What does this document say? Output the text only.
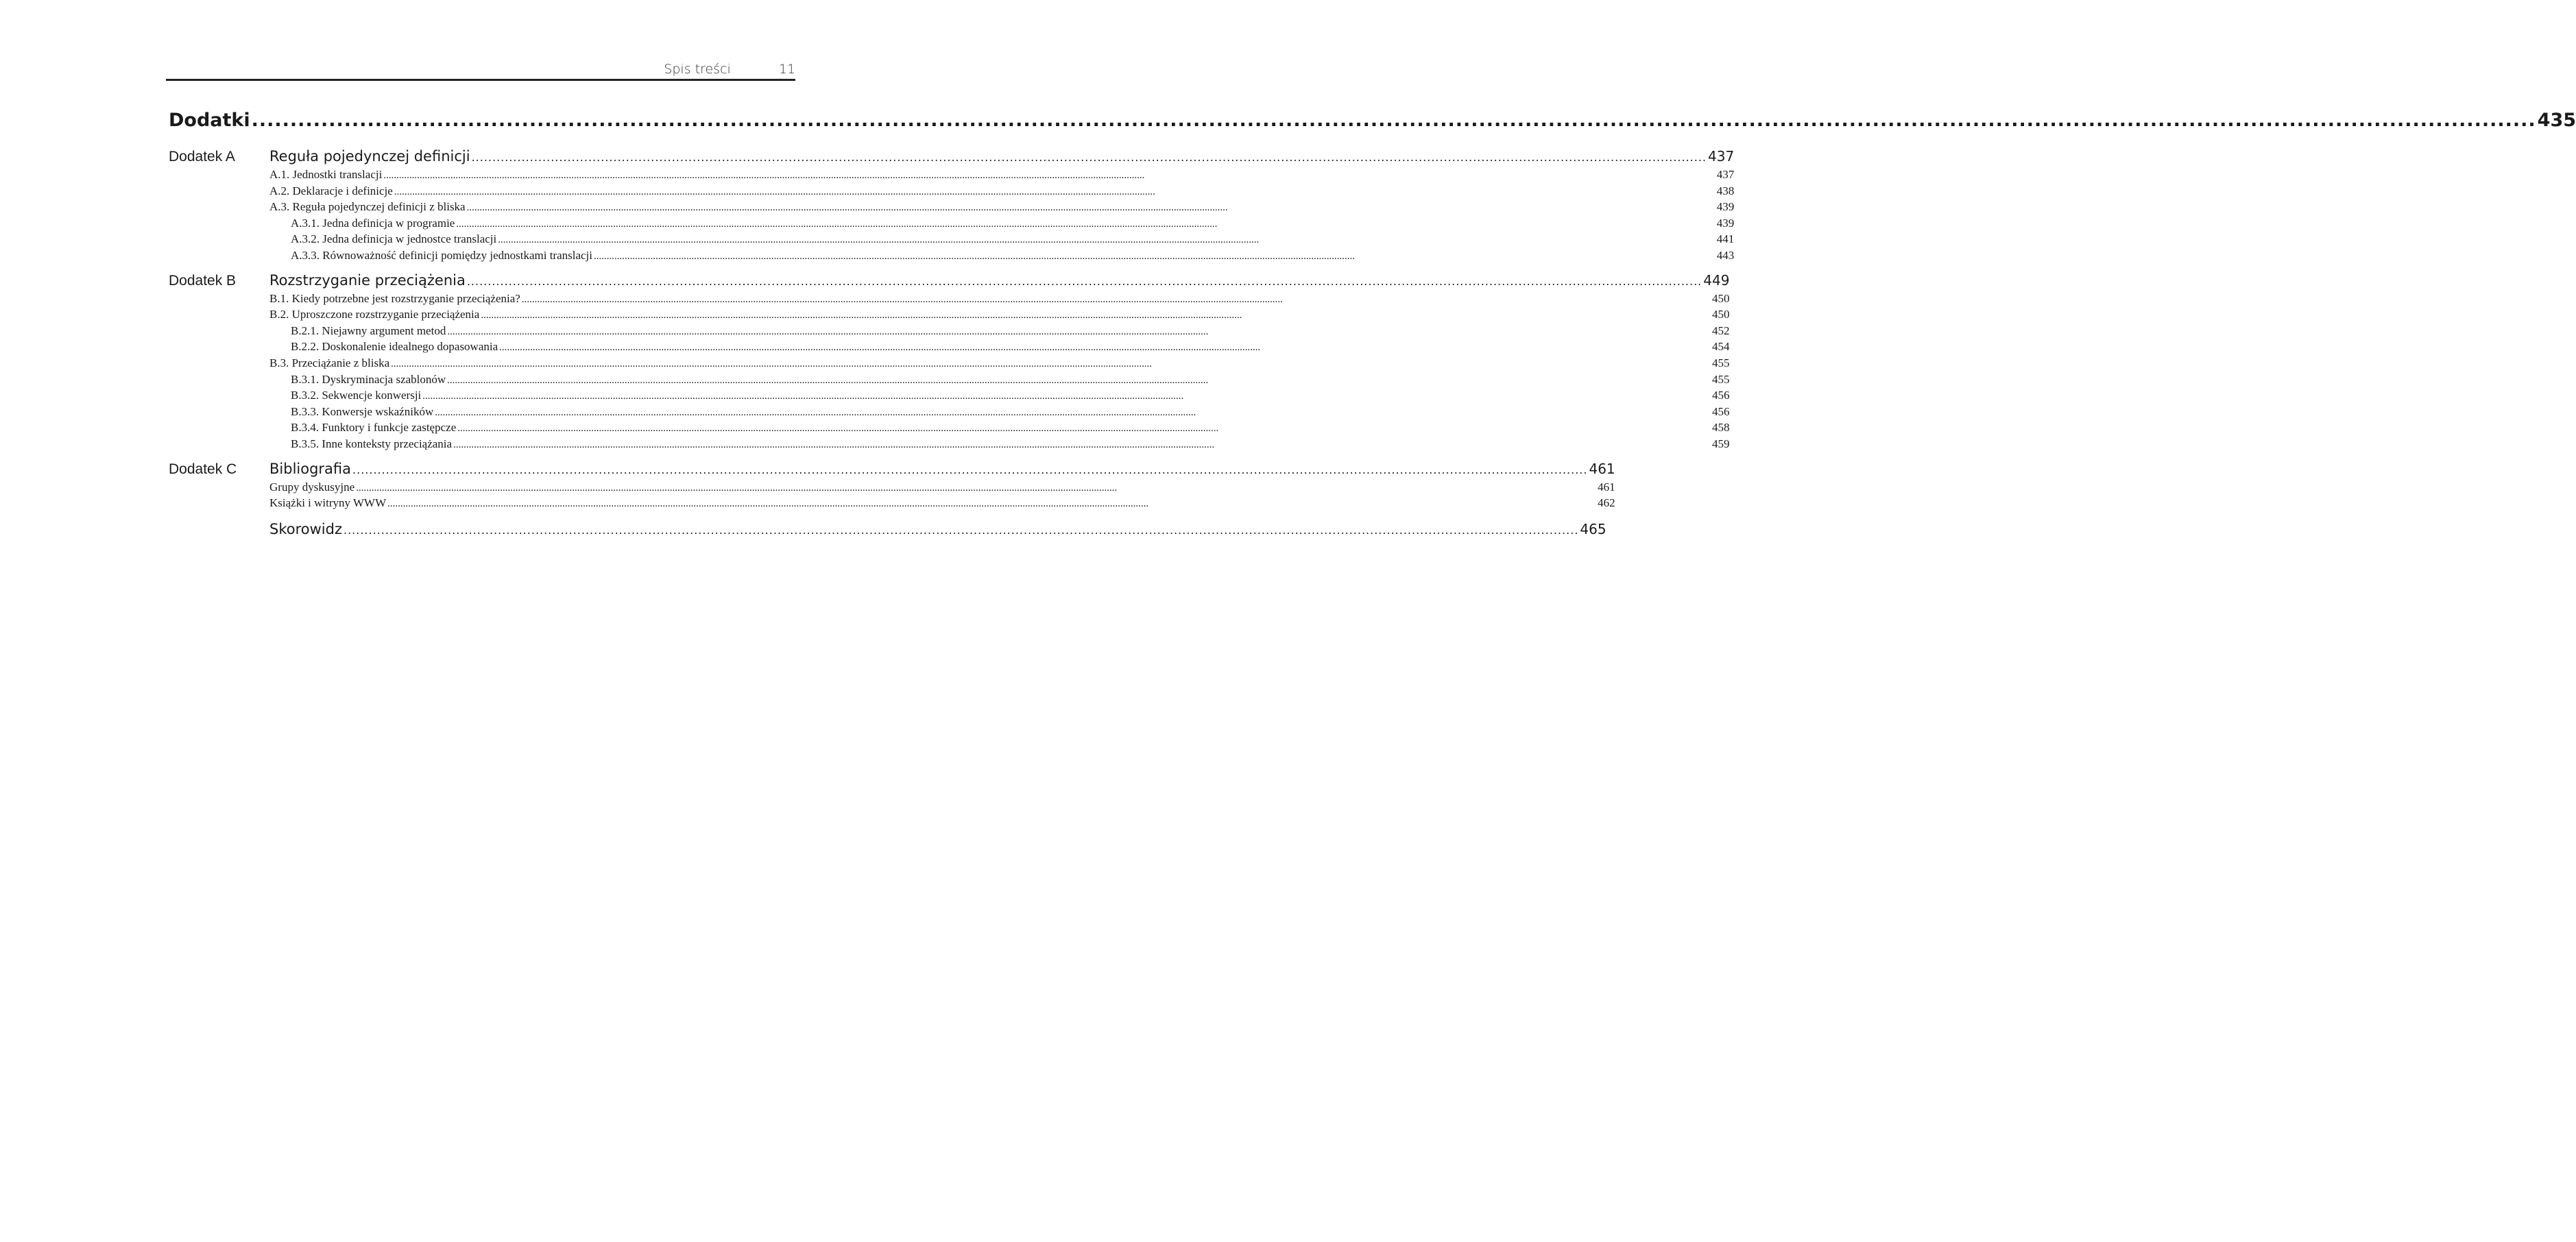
Spis treści	11
Dodatki .....	435
Dodatek A	Reguła pojedynczej definicji .....	437
A.1. Jednostki translacji .....	437
A.2. Deklaracje i definicje .....	438
A.3. Reguła pojedynczej definicji z bliska .....	439
A.3.1. Jedna definicja w programie .....	439
A.3.2. Jedna definicja w jednostce translacji .....	441
A.3.3. Równoważność definicji pomiędzy jednostkami translacji .....	443
Dodatek B	Rozstrzyganie przeciążenia .....	449
B.1. Kiedy potrzebne jest rozstrzyganie przeciążenia? .....	450
B.2. Uproszczone rozstrzyganie przeciążenia .....	450
B.2.1. Niejawny argument metod .....	452
B.2.2. Doskonalenie idealnego dopasowania .....	454
B.3. Przeciążanie z bliska .....	455
B.3.1. Dyskryminacja szablonów .....	455
B.3.2. Sekwencje konwersji .....	456
B.3.3. Konwersje wskaźników .....	456
B.3.4. Funktory i funkcje zastępcze .....	458
B.3.5. Inne konteksty przeciążania .....	459
Dodatek C	Bibliografia .....	461
Grupy dyskusyjne .....	461
Książki i witryny WWW .....	462
Skorowidz .....	465
